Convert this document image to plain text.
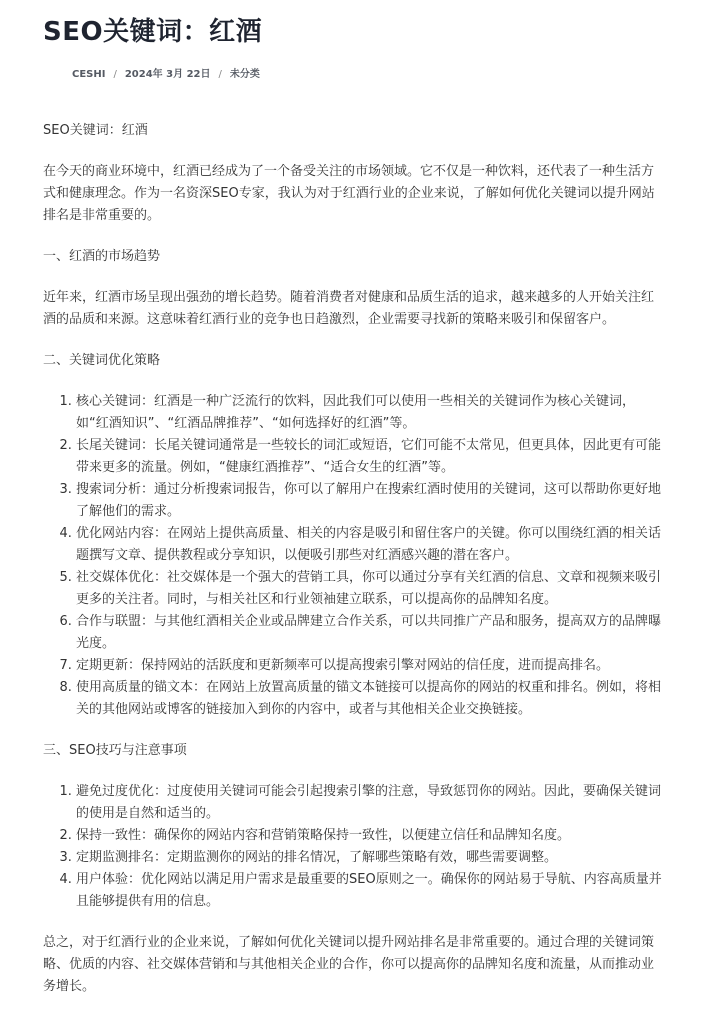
SEO关键词：红酒
CESHI / 2024年 3月 22日 / 未分类

SEO关键词：红酒

在今天的商业环境中，红酒已经成为了一个备受关注的市场领域。它不仅是一种饮料，还代表了一种生活方式和健康理念。作为一名资深SEO专家，我认为对于红酒行业的企业来说，了解如何优化关键词以提升网站排名是非常重要的。

一、红酒的市场趋势

近年来，红酒市场呈现出强劲的增长趋势。随着消费者对健康和品质生活的追求，越来越多的人开始关注红酒的品质和来源。这意味着红酒行业的竞争也日趋激烈，企业需要寻找新的策略来吸引和保留客户。

二、关键词优化策略

1. 核心关键词：红酒是一种广泛流行的饮料，因此我们可以使用一些相关的关键词作为核心关键词，如“红酒知识”、“红酒品牌推荐”、“如何选择好的红酒”等。
2. 长尾关键词：长尾关键词通常是一些较长的词汇或短语，它们可能不太常见，但更具体，因此更有可能带来更多的流量。例如，“健康红酒推荐”、“适合女生的红酒”等。
3. 搜索词分析：通过分析搜索词报告，你可以了解用户在搜索红酒时使用的关键词，这可以帮助你更好地了解他们的需求。
4. 优化网站内容：在网站上提供高质量、相关的内容是吸引和留住客户的关键。你可以围绕红酒的相关话题撰写文章、提供教程或分享知识，以便吸引那些对红酒感兴趣的潜在客户。
5. 社交媒体优化：社交媒体是一个强大的营销工具，你可以通过分享有关红酒的信息、文章和视频来吸引更多的关注者。同时，与相关社区和行业领袖建立联系，可以提高你的品牌知名度。
6. 合作与联盟：与其他红酒相关企业或品牌建立合作关系，可以共同推广产品和服务，提高双方的品牌曝光度。
7. 定期更新：保持网站的活跃度和更新频率可以提高搜索引擎对网站的信任度，进而提高排名。
8. 使用高质量的锚文本：在网站上放置高质量的锚文本链接可以提高你的网站的权重和排名。例如，将相关的其他网站或博客的链接加入到你的内容中，或者与其他相关企业交换链接。

三、SEO技巧与注意事项

1. 避免过度优化：过度使用关键词可能会引起搜索引擎的注意，导致惩罚你的网站。因此，要确保关键词的使用是自然和适当的。
2. 保持一致性：确保你的网站内容和营销策略保持一致性，以便建立信任和品牌知名度。
3. 定期监测排名：定期监测你的网站的排名情况，了解哪些策略有效，哪些需要调整。
4. 用户体验：优化网站以满足用户需求是最重要的SEO原则之一。确保你的网站易于导航、内容高质量并且能够提供有用的信息。

总之，对于红酒行业的企业来说，了解如何优化关键词以提升网站排名是非常重要的。通过合理的关键词策略、优质的内容、社交媒体营销和与其他相关企业的合作，你可以提高你的品牌知名度和流量，从而推动业务增长。
